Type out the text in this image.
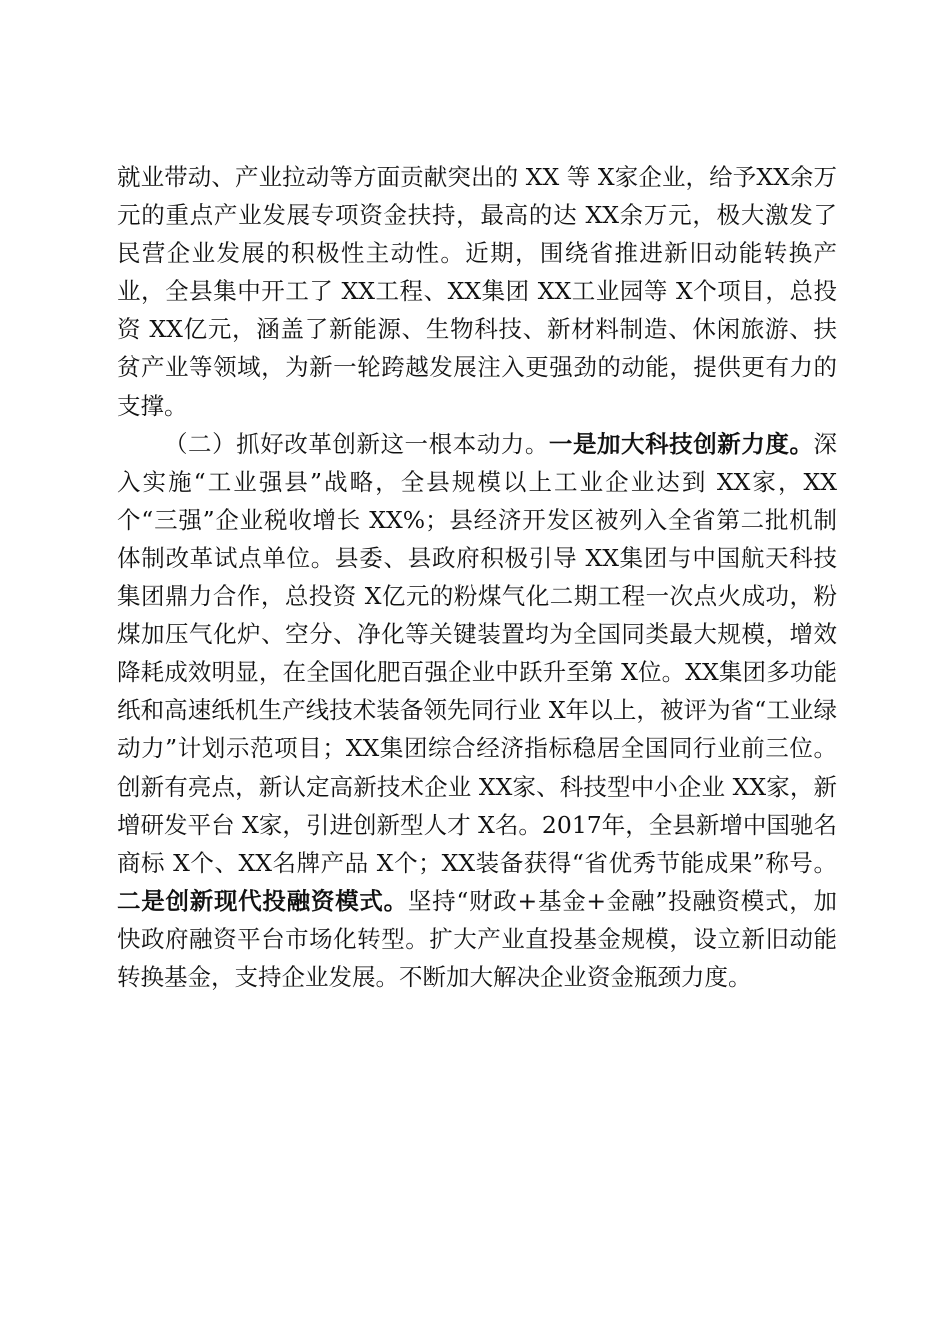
就业带动、产业拉动等方面贡献突出的 XX 等 X家企业，给予XX余万元的重点产业发展专项资金扶持，最高的达 XX余万元，极大激发了民营企业发展的积极性主动性。近期，围绕省推进新旧动能转换产业，全县集中开工了 XX工程、XX集团 XX工业园等 X个项目，总投资 XX亿元，涵盖了新能源、生物科技、新材料制造、休闲旅游、扶贫产业等领域，为新一轮跨越发展注入更强劲的动能，提供更有力的支撑。

（二）抓好改革创新这一根本动力。一是加大科技创新力度。深入实施“工业强县”战略，全县规模以上工业企业达到 XX家，XX个“三强”企业税收增长 XX%；县经济开发区被列入全省第二批机制体制改革试点单位。县委、县政府积极引导 XX集团与中国航天科技集团鼎力合作，总投资 X亿元的粉煤气化二期工程一次点火成功，粉煤加压气化炉、空分、净化等关键装置均为全国同类最大规模，增效降耗成效明显，在全国化肥百强企业中跃升至第 X位。XX集团多功能纸和高速纸机生产线技术装备领先同行业 X年以上，被评为省“工业绿动力”计划示范项目；XX集团综合经济指标稳居全国同行业前三位。创新有亮点，新认定高新技术企业 XX家、科技型中小企业 XX家，新增研发平台 X家，引进创新型人才 X名。2017年，全县新增中国驰名商标 X个、XX名牌产品 X个；XX装备获得“省优秀节能成果”称号。二是创新现代投融资模式。坚持“财政+基金+金融”投融资模式，加快政府融资平台市场化转型。扩大产业直投基金规模，设立新旧动能转换基金，支持企业发展。不断加大解决企业资金瓶颈力度。
